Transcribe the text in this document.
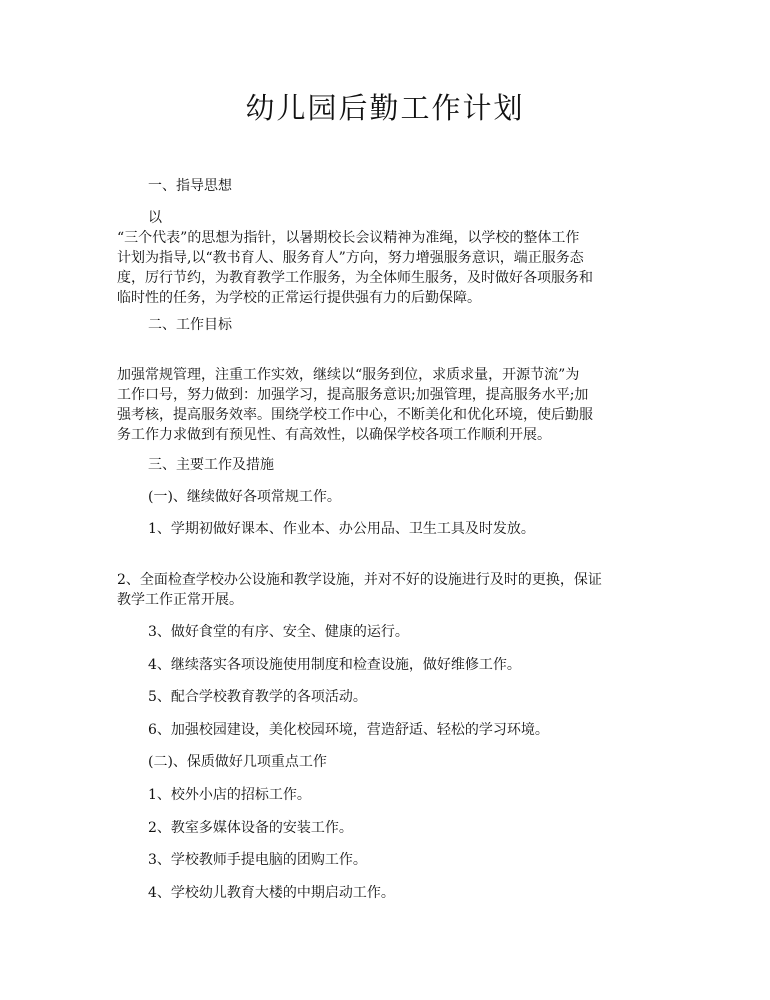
幼儿园后勤工作计划

一、指导思想

以

“三个代表”的思想为指针，以暑期校长会议精神为准绳，以学校的整体工作

计划为指导,以“教书育人、服务育人”方向，努力增强服务意识，端正服务态

度，厉行节约，为教育教学工作服务，为全体师生服务，及时做好各项服务和

临时性的任务，为学校的正常运行提供强有力的后勤保障。

二、工作目标

加强常规管理，注重工作实效，继续以“服务到位，求质求量，开源节流”为

工作口号，努力做到：加强学习，提高服务意识;加强管理，提高服务水平;加

强考核，提高服务效率。围绕学校工作中心，不断美化和优化环境，使后勤服

务工作力求做到有预见性、有高效性，以确保学校各项工作顺利开展。

三、主要工作及措施

(一)、继续做好各项常规工作。

1、学期初做好课本、作业本、办公用品、卫生工具及时发放。

2、全面检查学校办公设施和教学设施，并对不好的设施进行及时的更换，保证

教学工作正常开展。

3、做好食堂的有序、安全、健康的运行。

4、继续落实各项设施使用制度和检查设施，做好维修工作。

5、配合学校教育教学的各项活动。

6、加强校园建设，美化校园环境，营造舒适、轻松的学习环境。

(二)、保质做好几项重点工作

1、校外小店的招标工作。

2、教室多媒体设备的安装工作。

3、学校教师手提电脑的团购工作。

4、学校幼儿教育大楼的中期启动工作。
